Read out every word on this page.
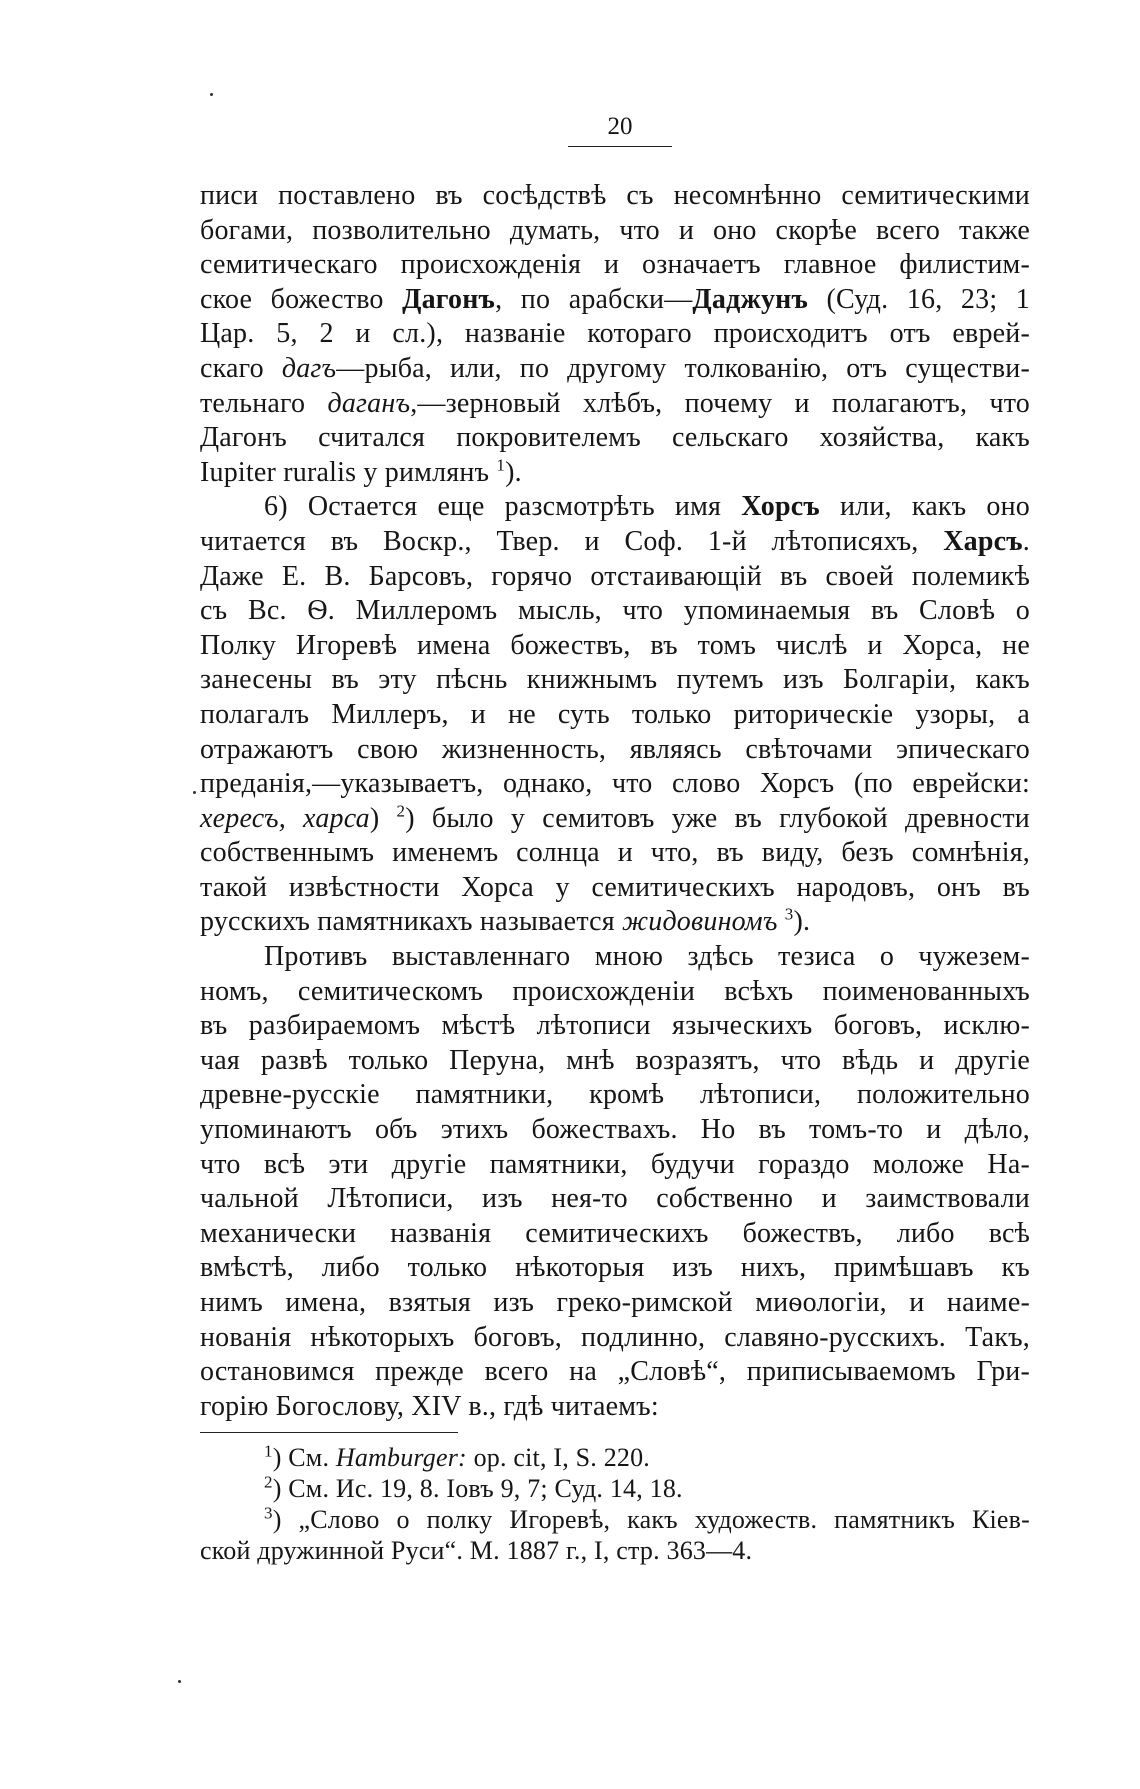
20
писи поставлено въ сосѣдствѣ съ несомнѣнно семитическими
богами, позволительно думать, что и оно скорѣе всего также
семитическаго происхожденія и означаетъ главное филистим-
ское божество Дагонъ, по арабски—Даджунъ (Суд. 16, 23; 1
Цар. 5, 2 и сл.), названіе котораго происходитъ отъ еврей-
скаго дагъ—рыба, или, по другому толкованію, отъ существи-
тельнаго даганъ,—зерновый хлѣбъ, почему и полагаютъ, что
Дагонъ считался покровителемъ сельскаго хозяйства, какъ
Iupiter ruralis у римлянъ $^1$).
6) Остается еще разсмотрѣть имя Хорсъ или, какъ оно
читается въ Воскр., Твер. и Соф. 1-й лѣтописяхъ, Харсъ.
Даже Е. В. Барсовъ, горячо отстаивающій въ своей полемикѣ
съ Вс. Ѳ. Миллеромъ мысль, что упоминаемыя въ Словѣ о
Полку Игоревѣ имена божествъ, въ томъ числѣ и Хорса, не
занесены въ эту пѣснь книжнымъ путемъ изъ Болгаріи, какъ
полагалъ Миллеръ, и не суть только риторическіе узоры, а
отражаютъ свою жизненность, являясь свѣточами эпическаго
преданія,—указываетъ, однако, что слово Хорсъ (по еврейски:
хересъ, харса) $^2$) было у семитовъ уже въ глубокой древности
собственнымъ именемъ солнца и что, въ виду, безъ сомнѣнія,
такой извѣстности Хорса у семитическихъ народовъ, онъ въ
русскихъ памятникахъ называется жидовиномъ $^3$).
Противъ выставленнаго мною здѣсь тезиса о чужезем-
номъ, семитическомъ происхожденіи всѣхъ поименованныхъ
въ разбираемомъ мѣстѣ лѣтописи языческихъ боговъ, исклю-
чая развѣ только Перуна, мнѣ возразятъ, что вѣдь и другіе
древне-русскіе памятники, кромѣ лѣтописи, положительно
упоминаютъ объ этихъ божествахъ. Но въ томъ-то и дѣло,
что всѣ эти другіе памятники, будучи гораздо моложе На-
чальной Лѣтописи, изъ нея-то собственно и заимствовали
механически названія семитическихъ божествъ, либо всѣ
вмѣстѣ, либо только нѣкоторыя изъ нихъ, примѣшавъ къ
нимъ имена, взятыя изъ греко-римской миѳологіи, и наиме-
нованія нѣкоторыхъ боговъ, подлинно, славяно-русскихъ. Такъ,
остановимся прежде всего на „Словѣ“, приписываемомъ Гри-
горію Богослову, XIV в., гдѣ читаемъ:
$^1$) См. Hamburger: op. cit, I, S. 220.
$^2$) См. Ис. 19, 8. Іовъ 9, 7; Суд. 14, 18.
$^3$) „Слово о полку Игоревѣ, какъ художеств. памятникъ Кіев-
ской дружинной Руси“. М. 1887 г., I, стр. 363—4.
